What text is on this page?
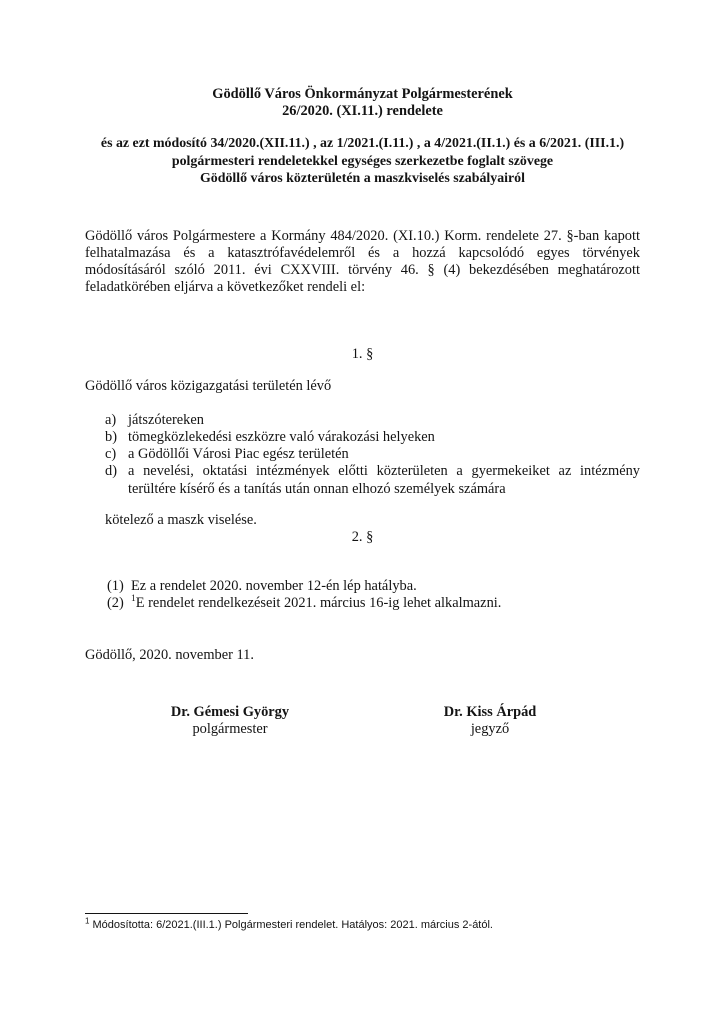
Gödöllő Város Önkormányzat Polgármesterének
26/2020. (XI.11.) rendelete
és az ezt módosító 34/2020.(XII.11.) , az 1/2021.(I.11.) , a 4/2021.(II.1.) és a 6/2021. (III.1.)
polgármesteri rendeletekkel egységes szerkezetbe foglalt szövege
Gödöllő város közterületén a maszkviselés szabályairól
Gödöllő város Polgármestere a Kormány 484/2020. (XI.10.) Korm. rendelete 27. §-ban kapott felhatalmazása és a katasztrófavédelemről és a hozzá kapcsolódó egyes törvények módosításáról szóló 2011. évi CXXVIII. törvény 46. § (4) bekezdésében meghatározott feladatkörében eljárva a következőket rendeli el:
1. §
Gödöllő város közigazgatási területén lévő
a) játszótereken
b) tömegközlekedési eszközre való várakozási helyeken
c) a Gödöllői Városi Piac egész területén
d) a nevelési, oktatási intézmények előtti közterületen a gyermekeiket az intézmény terültére kísérő és a tanítás után onnan elhozó személyek számára
kötelező a maszk viselése.
2. §
(1) Ez a rendelet 2020. november 12-én lép hatályba.
(2) $^1$E rendelet rendelkezéseit 2021. március 16-ig lehet alkalmazni.
Gödöllő, 2020. november 11.
Dr. Gémesi György
polgármester
Dr. Kiss Árpád
jegyző
$^1$ Módosította: 6/2021.(III.1.) Polgármesteri rendelet. Hatályos: 2021. március 2-ától.
